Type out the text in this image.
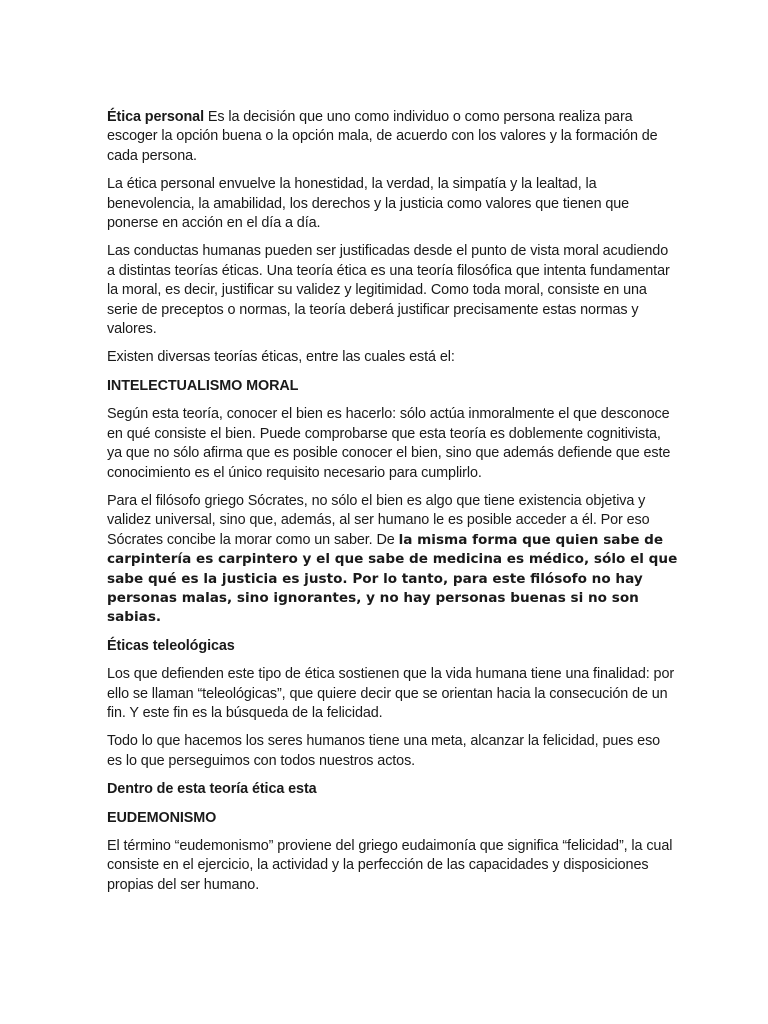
Ética personal Es la decisión que uno como individuo o como persona realiza para escoger la opción buena o la opción mala, de acuerdo con los valores y la formación de cada persona.

La ética personal envuelve la honestidad, la verdad, la simpatía y la lealtad, la benevolencia, la amabilidad, los derechos y la justicia como valores que tienen que ponerse en acción en el día a día.

Las conductas humanas pueden ser justificadas desde el punto de vista moral acudiendo a distintas teorías éticas. Una teoría ética es una teoría filosófica que intenta fundamentar la moral, es decir, justificar su validez y legitimidad. Como toda moral, consiste en una serie de preceptos o normas, la teoría deberá justificar precisamente estas normas y valores.

Existen diversas teorías éticas, entre las cuales está el:

INTELECTUALISMO MORAL

Según esta teoría, conocer el bien es hacerlo: sólo actúa inmoralmente el que desconoce en qué consiste el bien. Puede comprobarse que esta teoría es doblemente cognitivista, ya que no sólo afirma que es posible conocer el bien, sino que además defiende que este conocimiento es el único requisito necesario para cumplirlo.

Para el filósofo griego Sócrates, no sólo el bien es algo que tiene existencia objetiva y validez universal, sino que, además, al ser humano le es posible acceder a él. Por eso Sócrates concibe la morar como un saber. De la misma forma que quien sabe de carpintería es carpintero y el que sabe de medicina es médico, sólo el que sabe qué es la justicia es justo. Por lo tanto, para este filósofo no hay personas malas, sino ignorantes, y no hay personas buenas si no son sabias.

Éticas teleológicas

Los que defienden este tipo de ética sostienen que la vida humana tiene una finalidad: por ello se llaman “teleológicas”, que quiere decir que se orientan hacia la consecución de un fin. Y este fin es la búsqueda de la felicidad.

Todo lo que hacemos los seres humanos tiene una meta, alcanzar la felicidad, pues eso es lo que perseguimos con todos nuestros actos.

Dentro de esta teoría ética esta

EUDEMONISMO

El término “eudemonismo” proviene del griego eudaimonía que significa “felicidad”, la cual consiste en el ejercicio, la actividad y la perfección de las capacidades y disposiciones propias del ser humano.
